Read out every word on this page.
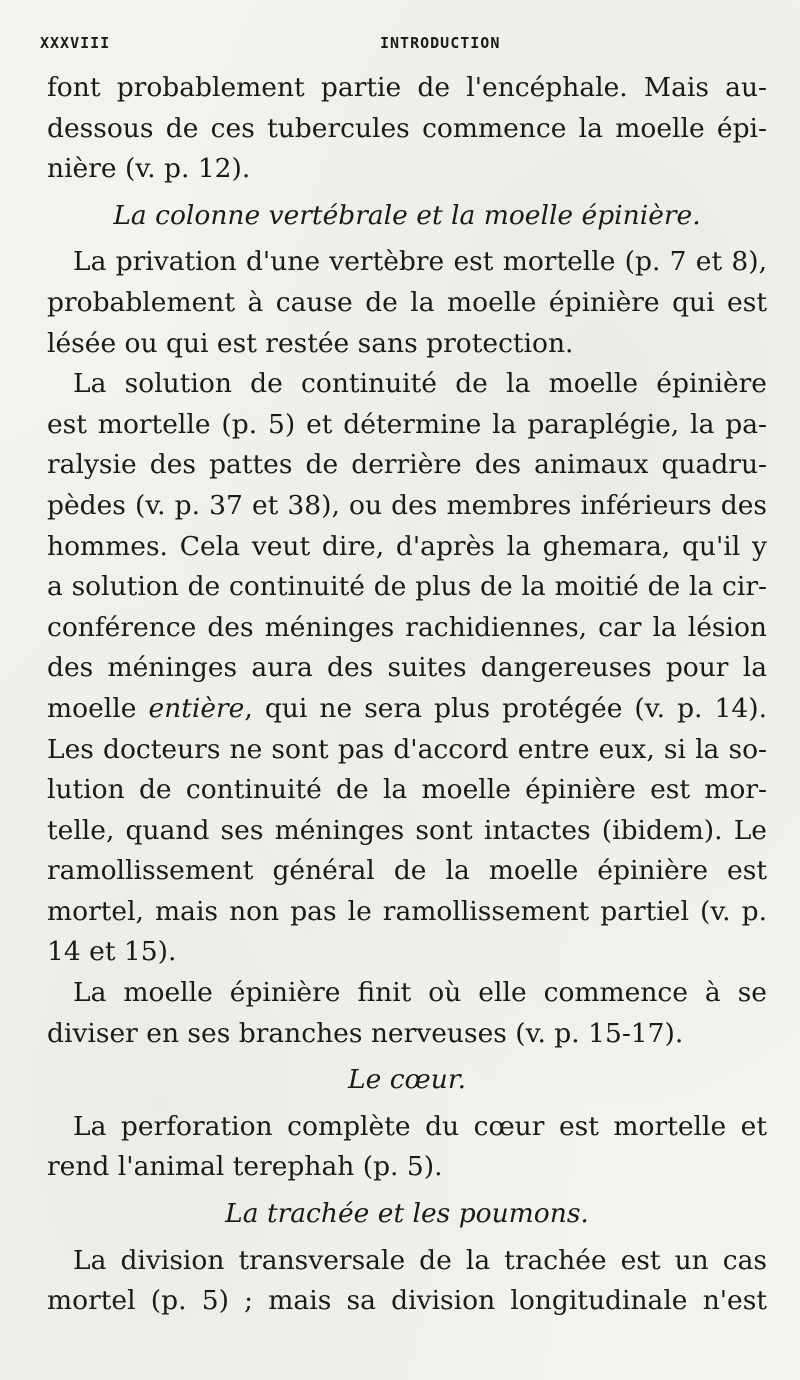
XXXVIII	INTRODUCTION
font probablement partie de l'encéphale. Mais au-
dessous de ces tubercules commence la moelle épi-
nière (v. p. 12).
La colonne vertébrale et la moelle épinière.
La privation d'une vertèbre est mortelle (p. 7 et 8),
probablement à cause de la moelle épinière qui est
lésée ou qui est restée sans protection.
La solution de continuité de la moelle épinière
est mortelle (p. 5) et détermine la paraplégie, la pa-
ralysie des pattes de derrière des animaux quadru-
pèdes (v. p. 37 et 38), ou des membres inférieurs des
hommes. Cela veut dire, d'après la ghemara, qu'il y
a solution de continuité de plus de la moitié de la cir-
conférence des méninges rachidiennes, car la lésion
des méninges aura des suites dangereuses pour la
moelle entière, qui ne sera plus protégée (v. p. 14).
Les docteurs ne sont pas d'accord entre eux, si la so-
lution de continuité de la moelle épinière est mor-
telle, quand ses méninges sont intactes (ibidem). Le
ramollissement général de la moelle épinière est
mortel, mais non pas le ramollissement partiel (v. p.
14 et 15).
La moelle épinière finit où elle commence à se
diviser en ses branches nerveuses (v. p. 15-17).
Le cœur.
La perforation complète du cœur est mortelle et
rend l'animal terephah (p. 5).
La trachée et les poumons.
La division transversale de la trachée est un cas
mortel (p. 5) ; mais sa division longitudinale n'est
